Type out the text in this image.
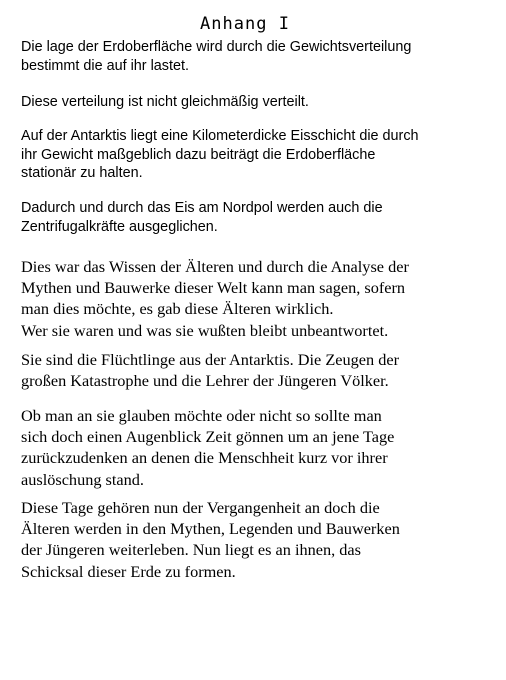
Anhang I

Die lage der Erdoberfläche wird durch die Gewichtsverteilung
bestimmt die auf ihr lastet.

Diese verteilung ist nicht gleichmäßig verteilt.

Auf der Antarktis liegt eine Kilometerdicke Eisschicht die durch
ihr Gewicht maßgeblich dazu beiträgt die Erdoberfläche
stationär zu halten.

Dadurch und durch das Eis am Nordpol werden auch die
Zentrifugalkräfte ausgeglichen.

Dies war das Wissen der Älteren und durch die Analyse der
Mythen und Bauwerke dieser Welt kann man sagen, sofern
man dies möchte, es gab diese Älteren wirklich.
Wer sie waren und was sie wußten bleibt unbeantwortet.

Sie sind die Flüchtlinge aus der Antarktis. Die Zeugen der
großen Katastrophe und die Lehrer der Jüngeren Völker.

Ob man an sie glauben möchte oder nicht so sollte man
sich doch einen Augenblick Zeit gönnen um an jene Tage
zurückzudenken an denen die Menschheit kurz vor ihrer
auslöschung stand.

Diese Tage gehören nun der Vergangenheit an doch die
Älteren werden in den Mythen, Legenden und Bauwerken
der Jüngeren weiterleben. Nun liegt es an ihnen, das
Schicksal dieser Erde zu formen.
